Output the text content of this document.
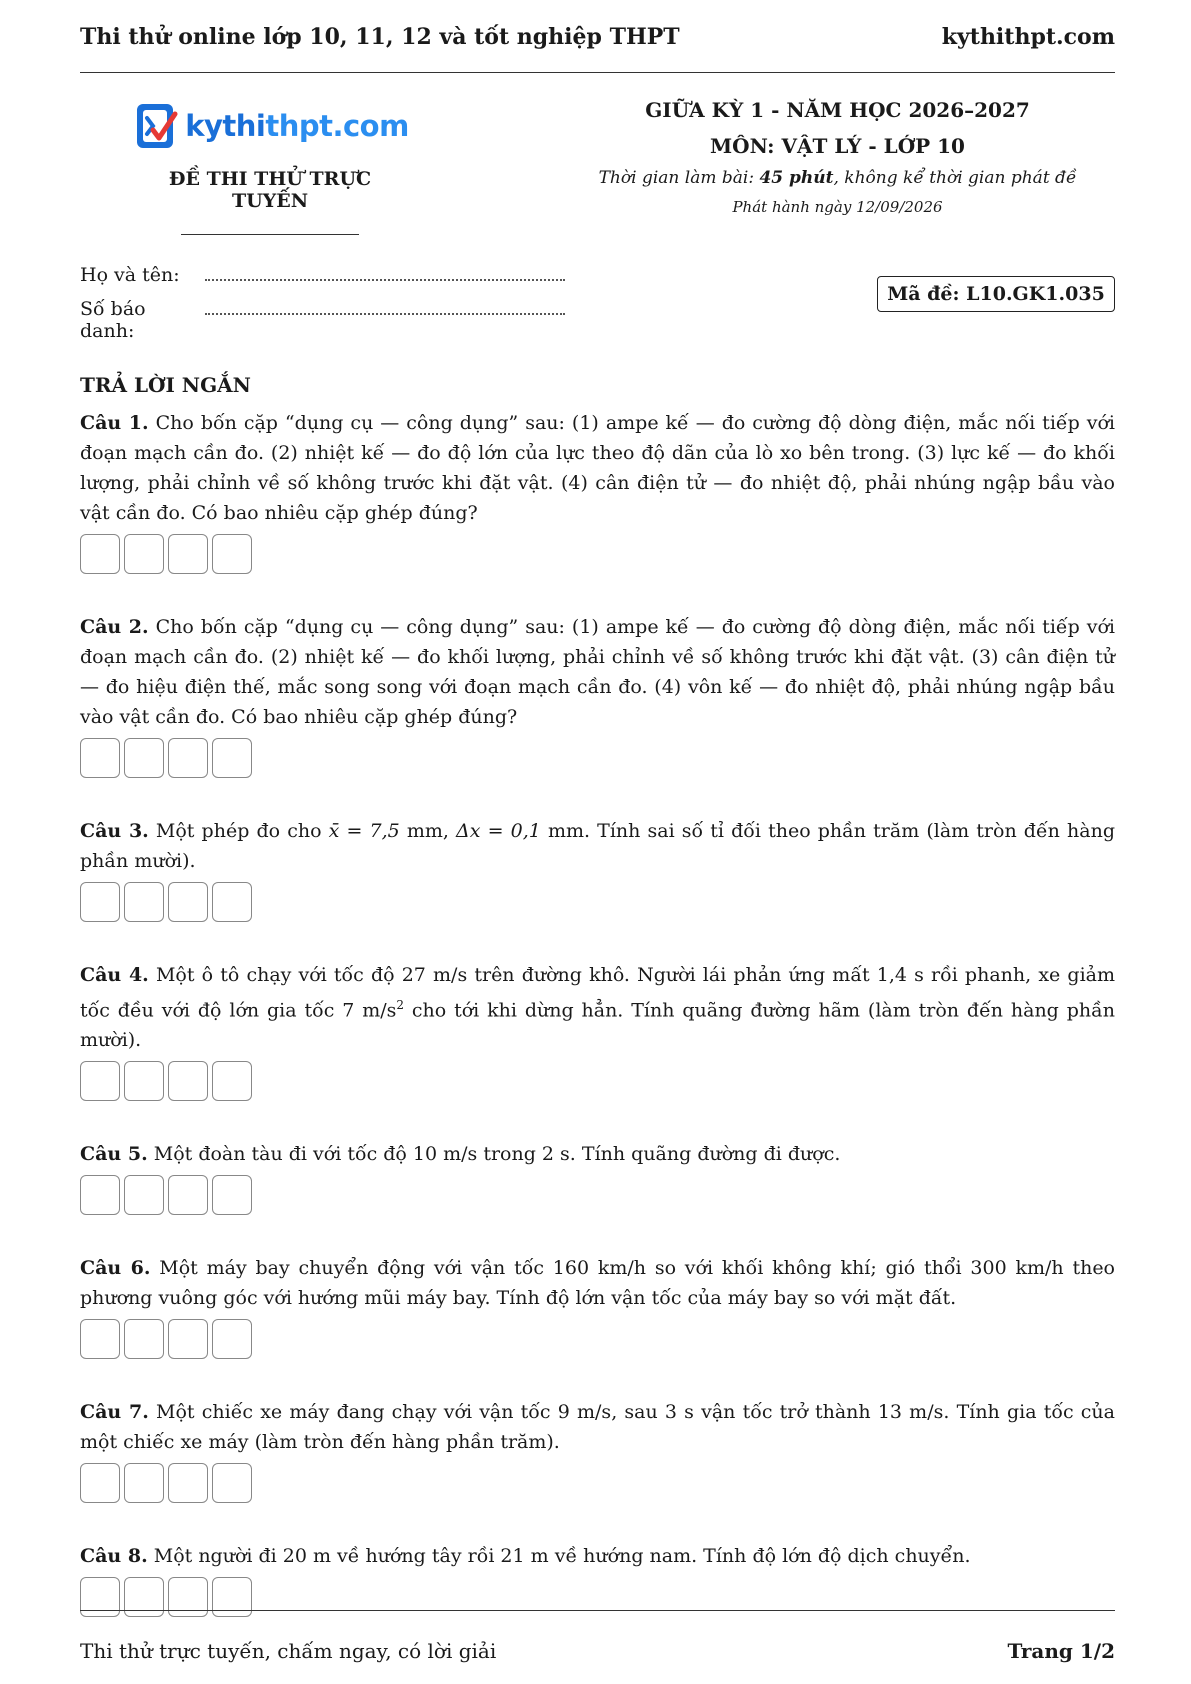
Thi thử online lớp 10, 11, 12 và tốt nghiệp THPT	kythithpt.com
kythithpt.com
ĐỀ THI THỬ TRỰC TUYẾN
GIỮA KỲ 1 - NĂM HỌC 2026–2027
MÔN: VẬT LÝ - LỚP 10
Thời gian làm bài: 45 phút, không kể thời gian phát đề
Phát hành ngày 12/09/2026
Họ và tên:
Số báo danh:
Mã đề: L10.GK1.035
TRẢ LỜI NGẮN
Câu 1. Cho bốn cặp “dụng cụ — công dụng” sau: (1) ampe kế — đo cường độ dòng điện, mắc nối tiếp với đoạn mạch cần đo. (2) nhiệt kế — đo độ lớn của lực theo độ dãn của lò xo bên trong. (3) lực kế — đo khối lượng, phải chỉnh về số không trước khi đặt vật. (4) cân điện tử — đo nhiệt độ, phải nhúng ngập bầu vào vật cần đo. Có bao nhiêu cặp ghép đúng?
Câu 2. Cho bốn cặp “dụng cụ — công dụng” sau: (1) ampe kế — đo cường độ dòng điện, mắc nối tiếp với đoạn mạch cần đo. (2) nhiệt kế — đo khối lượng, phải chỉnh về số không trước khi đặt vật. (3) cân điện tử — đo hiệu điện thế, mắc song song với đoạn mạch cần đo. (4) vôn kế — đo nhiệt độ, phải nhúng ngập bầu vào vật cần đo. Có bao nhiêu cặp ghép đúng?
Câu 3. Một phép đo cho x̄ = 7,5 mm, Δx = 0,1 mm. Tính sai số tỉ đối theo phần trăm (làm tròn đến hàng phần mười).
Câu 4. Một ô tô chạy với tốc độ 27 m/s trên đường khô. Người lái phản ứng mất 1,4 s rồi phanh, xe giảm tốc đều với độ lớn gia tốc 7 $m/s^2$ cho tới khi dừng hẳn. Tính quãng đường hãm (làm tròn đến hàng phần mười).
Câu 5. Một đoàn tàu đi với tốc độ 10 m/s trong 2 s. Tính quãng đường đi được.
Câu 6. Một máy bay chuyển động với vận tốc 160 km/h so với khối không khí; gió thổi 300 km/h theo phương vuông góc với hướng mũi máy bay. Tính độ lớn vận tốc của máy bay so với mặt đất.
Câu 7. Một chiếc xe máy đang chạy với vận tốc 9 m/s, sau 3 s vận tốc trở thành 13 m/s. Tính gia tốc của một chiếc xe máy (làm tròn đến hàng phần trăm).
Câu 8. Một người đi 20 m về hướng tây rồi 21 m về hướng nam. Tính độ lớn độ dịch chuyển.
Thi thử trực tuyến, chấm ngay, có lời giải	Trang 1/2
